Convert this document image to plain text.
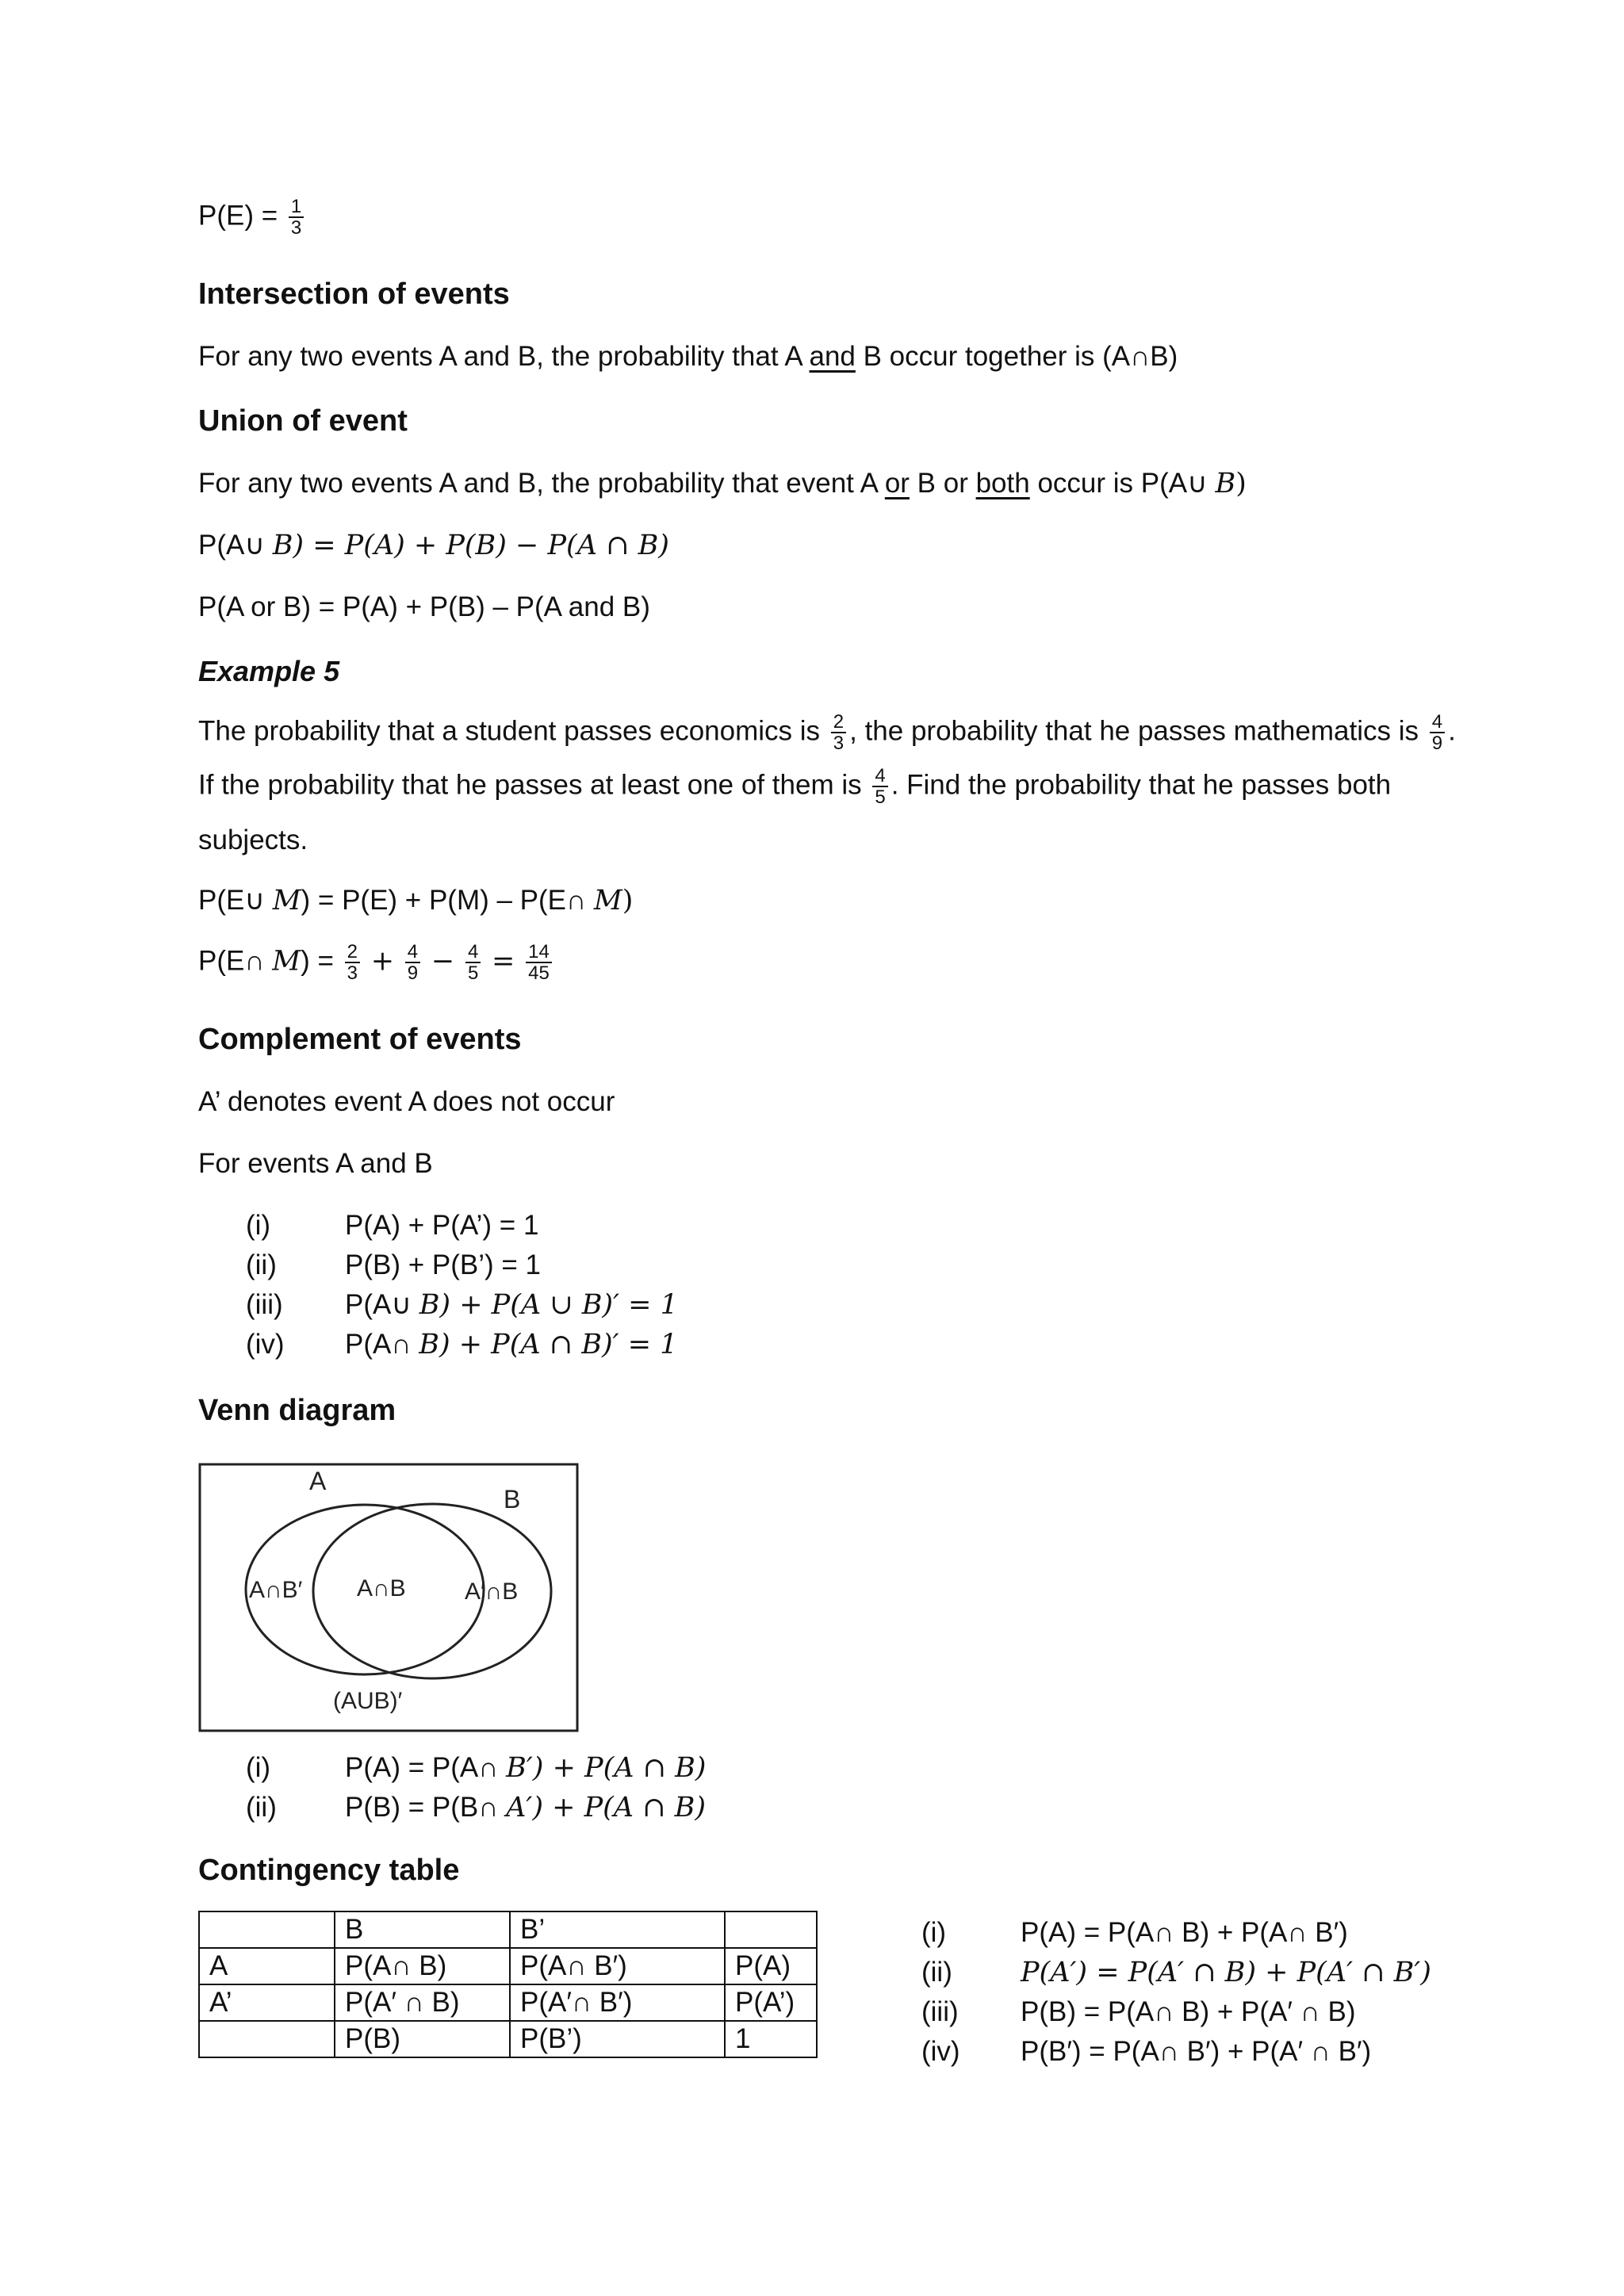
$P(E) = \frac{1}{3}$
Intersection of events
For any two events A and B, the probability that A and B occur together is (A∩B)
Union of event
For any two events A and B, the probability that event A or B or both occur is P(A∪ B)
P(A∪ B) = P(A) + P(B) − P(A ∩ B)
P(A or B) = P(A) + P(B) – P(A and B)
Example 5
The probability that a student passes economics is $\frac{2}{3}$ , the probability that he passes mathematics is $\frac{4}{9}$ .
If the probability that he passes at least one of them is $\frac{4}{5}$ . Find the probability that he passes both
subjects.
P(E∪ M) = P(E) + P(M) – P(E∩ M)
P(E∩ $M) = \frac{2}{3} + \frac{4}{9} - \frac{4}{5} = \frac{14}{45}$
Complement of events
A’ denotes event A does not occur
For events A and B
(i)	P(A) + P(A’) = 1
(ii) P(B) + P(B’) = 1
(iii) P(A∪ B) + P(A ∪ B)′ = 1
(iv) P(A∩ B) + P(A ∩ B)′ = 1
Venn diagram
A
B
A∩B′ A∩B A′∩B
(AUB)′
(i)	P(A) = P(A∩ B′) + P(A ∩ B)
(ii) P(B) = P(B∩ A′) + P(A ∩ B)
Contingency table
	B	B’	
A	P(A∩ B)	P(A∩ B′)	P(A)
A’	P(A′ ∩ B)	P(A′∩ B′)	P(A’)
	P(B)	P(B’)	1
(i)	P(A) = P(A∩ B) + P(A∩ B′)
(ii) P(A′) = P(A′ ∩ B) + P(A′ ∩ B′)
(iii) P(B) = P(A∩ B) + P(A′ ∩ B)
(iv) P(B′) = P(A∩ B′) + P(A′ ∩ B′)
